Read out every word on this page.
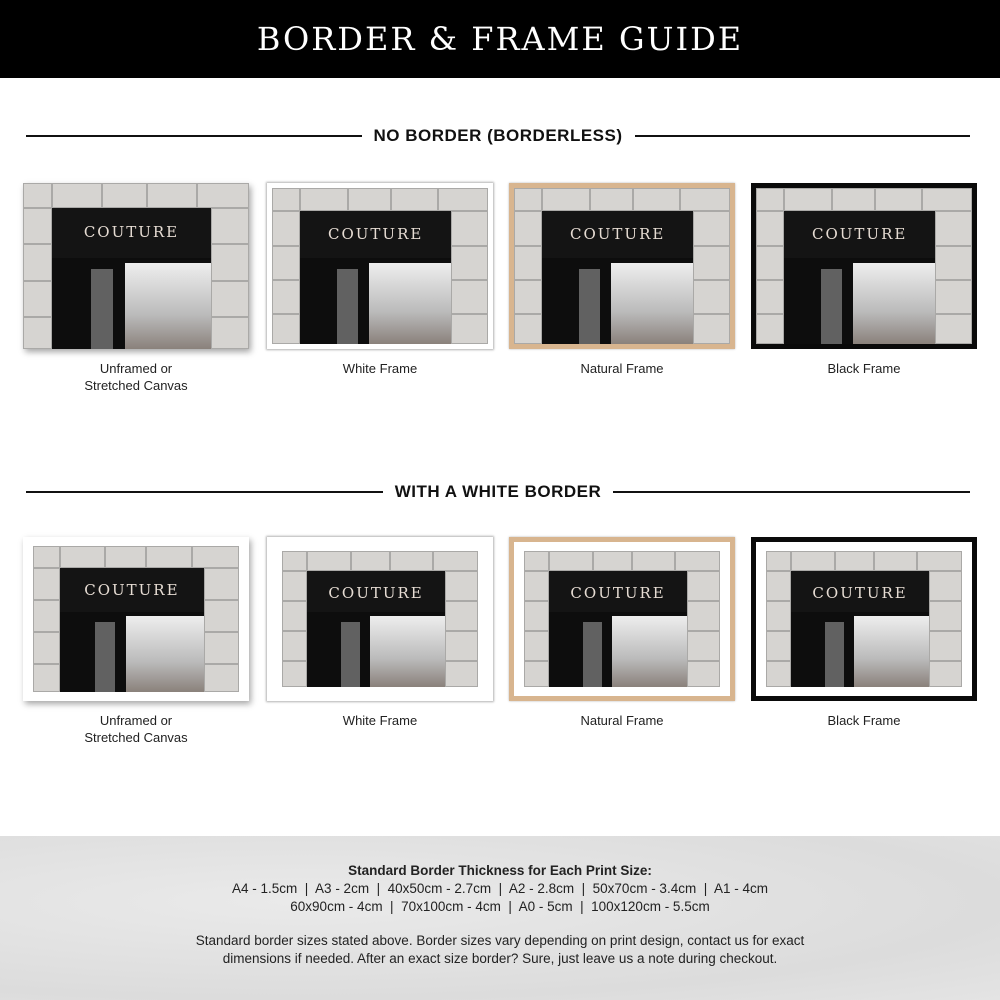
BORDER & FRAME GUIDE
NO BORDER (BORDERLESS)
WITH A WHITE BORDER
COUTURE
Unframed or
Stretched Canvas
COUTURE
White Frame
COUTURE
Natural Frame
COUTURE
Black Frame
COUTURE
Unframed or
Stretched Canvas
COUTURE
White Frame
COUTURE
Natural Frame
COUTURE
Black Frame
Standard Border Thickness for Each Print Size:
A4 - 1.5cm  |  A3 - 2cm  |  40x50cm - 2.7cm  |  A2 - 2.8cm  |  50x70cm - 3.4cm  |  A1 - 4cm
60x90cm - 4cm  |  70x100cm - 4cm  |  A0 - 5cm  |  100x120cm - 5.5cm
Standard border sizes stated above. Border sizes vary depending on print design, contact us for exact
dimensions if needed. After an exact size border? Sure, just leave us a note during checkout.
